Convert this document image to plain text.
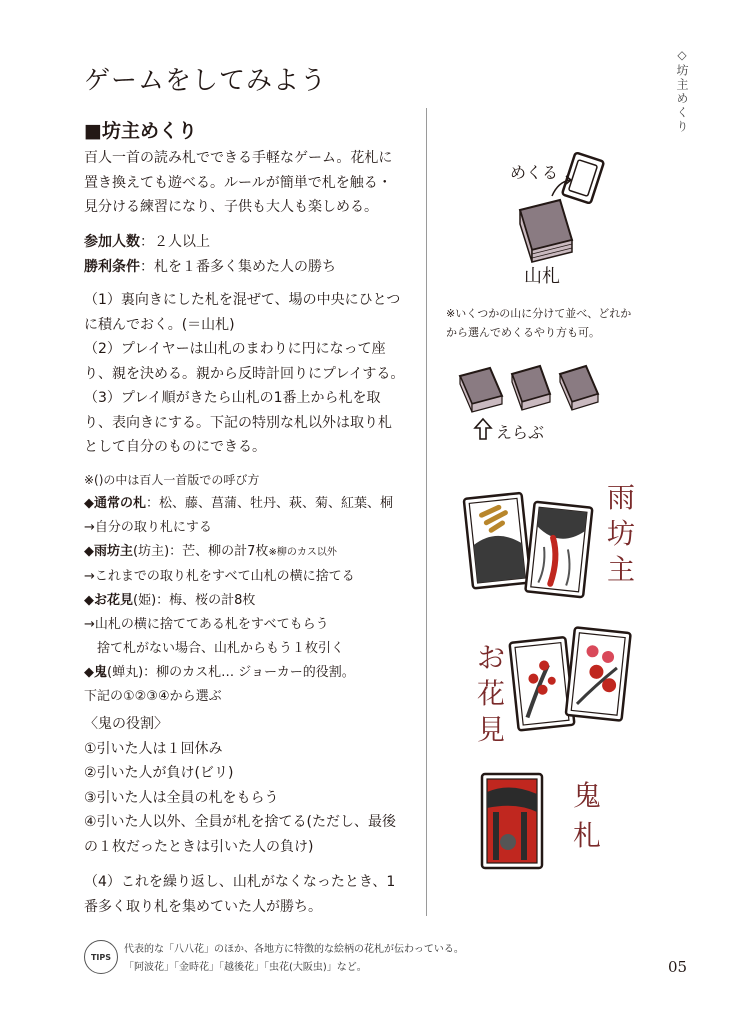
ゲームをしてみよう	◇坊主めくり
■坊主めくり
百人一首の読み札でできる手軽なゲーム。花札に
置き換えても遊べる。ルールが簡単で札を触る・
見分ける練習になり、子供も大人も楽しめる。
参加人数：２人以上
勝利条件：札を１番多く集めた人の勝ち
（1）裏向きにした札を混ぜて、場の中央にひとつ
に積んでおく。(＝山札)
（2）プレイヤーは山札のまわりに円になって座
り、親を決める。親から反時計回りにプレイする。
（3）プレイ順がきたら山札の1番上から札を取
り、表向きにする。下記の特別な札以外は取り札
として自分のものにできる。
※()の中は百人一首版での呼び方
◆通常の札：松、藤、菖蒲、牡丹、萩、菊、紅葉、桐
→自分の取り札にする
◆雨坊主(坊主)：芒、柳の計7枚※柳のカス以外
→これまでの取り札をすべて山札の横に捨てる
◆お花見(姫)：梅、桜の計8枚
→山札の横に捨ててある札をすべてもらう
　捨て札がない場合、山札からもう１枚引く
◆鬼(蝉丸)：柳のカス札… ジョーカー的役割。
下記の①②③④から選ぶ
〈鬼の役割〉
①引いた人は１回休み
②引いた人が負け(ビリ)
③引いた人は全員の札をもらう
④引いた人以外、全員が札を捨てる(ただし、最後
の１枚だったときは引いた人の負け)
（4）これを繰り返し、山札がなくなったとき、1
番多く取り札を集めていた人が勝ち。
めくる
山札
※いくつかの山に分けて並べ、どれか
から選んでめくるやり方も可。
えらぶ
雨
坊
主
お
花
見
鬼
札
TIPS
代表的な「八八花」のほか、各地方に特徴的な絵柄の花札が伝わっている。
「阿波花」「金時花」「越後花」「虫花(大阪虫)」など。	05
